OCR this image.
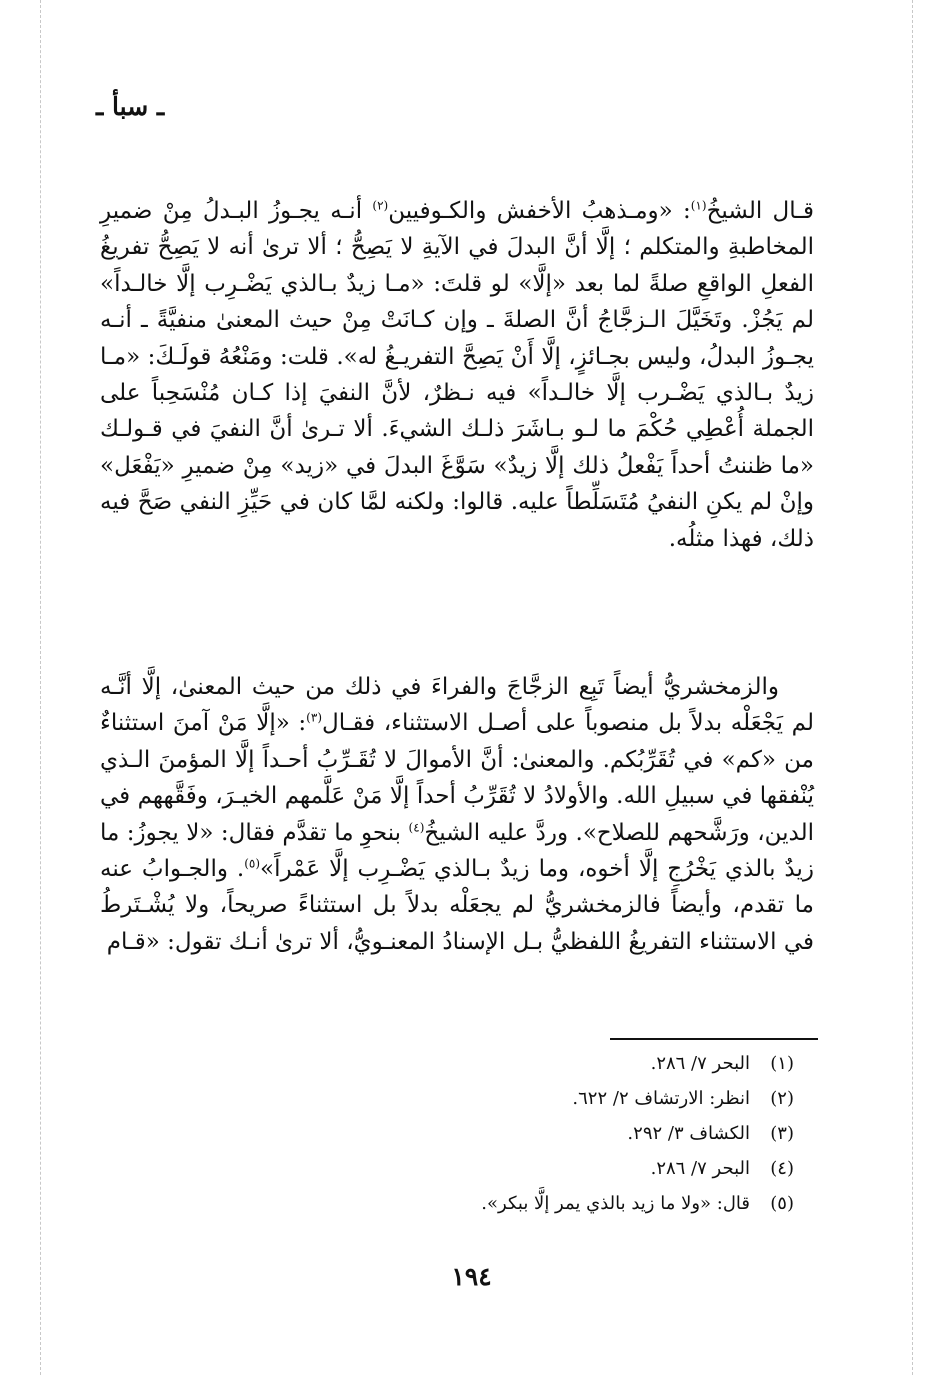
ـ سبأ ـ

قـال الشيخُ$^{(١)}$: «ومـذهبُ الأخفش والكـوفيين$^{(٢)}$ أنـه يجـوزُ البـدلُ مِنْ ضميرِ المخاطبةِ والمتكلم ؛ إلَّا أنَّ البدلَ في الآيةِ لا يَصِحُّ ؛ ألا ترىٰ أنه لا يَصِحُّ تفريغُ الفعلِ الواقعِ صلةً لما بعد «إلَّا» لو قلتَ: «مـا زيدٌ بـالذي يَضْـرِب إلَّا خالـداً» لم يَجُزْ. وتَخَيَّلَ الـزجَّاجُ أنَّ الصلةَ ـ وإن كـانَتْ مِنْ حيث المعنىٰ منفيَّةً ـ أنـه يجـوزُ البدلُ، وليس بجـائزٍ، إلَّا أَنْ يَصِحَّ التفريـغُ له». قلت: ومَنْعُهُ قولَـكَ: «مـا زيدٌ بـالذي يَضْـرب إلَّا خالـداً» فيه نـظرٌ، لأنَّ النفيَ إذا كـان مُنْسَحِباً على الجملة أُعْطِي حُكْمَ ما لـو بـاشَرَ ذلـك الشيءَ. ألا تـرىٰ أنَّ النفيَ في قـولـك «ما ظننتُ أحداً يَفْعلُ ذلك إلَّا زيدٌ» سَوَّغَ البدلَ في «زيد» مِنْ ضميرِ «يَفْعَل» وإنْ لم يكنِ النفيُ مُتَسَلِّطاً عليه. قالوا: ولكنه لمَّا كان في حَيِّزِ النفي صَحَّ فيه ذلك، فهذا مثلُه.

والزمخشريُّ أيضاً تَبِع الزجَّاجَ والفراءَ في ذلك من حيث المعنىٰ، إلَّا أنَّـه لم يَجْعَلْه بدلاً بل منصوباً على أصـل الاستثناء، فقـال$^{(٣)}$: «إلَّا مَنْ آمنَ استثناءٌ من «كم» في تُقَرِّبُكم. والمعنىٰ: أنَّ الأموالَ لا تُقَـرِّبُ أحـداً إلَّا المؤمنَ الـذي يُنْفقها في سبيلِ الله. والأولادُ لا تُقَرِّبُ أحداً إلَّا مَنْ عَلَّمهم الخيـرَ، وفَقَّههم في الدين، ورَشَّحهم للصلاح». وردَّ عليه الشيخُ$^{(٤)}$ بنحوِ ما تقدَّم فقال: «لا يجوزُ: ما زيدٌ بالذي يَخْرُجِ إلَّا أخوه، وما زيدٌ بـالذي يَضْـرِب إلَّا عَمْراً»$^{(٥)}$. والجـوابُ عنه ما تقدم، وأيضاً فالزمخشريُّ لم يجعَلْه بدلاً بل استثناءً صريحاً، ولا يُشْـتَرطُ في الاستثناء التفريغُ اللفظيُّ بـل الإسنادُ المعنـويُّ، ألا ترىٰ أنـك تقول: «قـام

(١)البحر ٧/ ٢٨٦.
(٢)انظر: الارتشاف ٢/ ٦٢٢.
(٣)الكشاف ٣/ ٢٩٢.
(٤)البحر ٧/ ٢٨٦.
(٥)قال: «ولا ما زيد بالذي يمر إلَّا ببكر».
١٩٤
